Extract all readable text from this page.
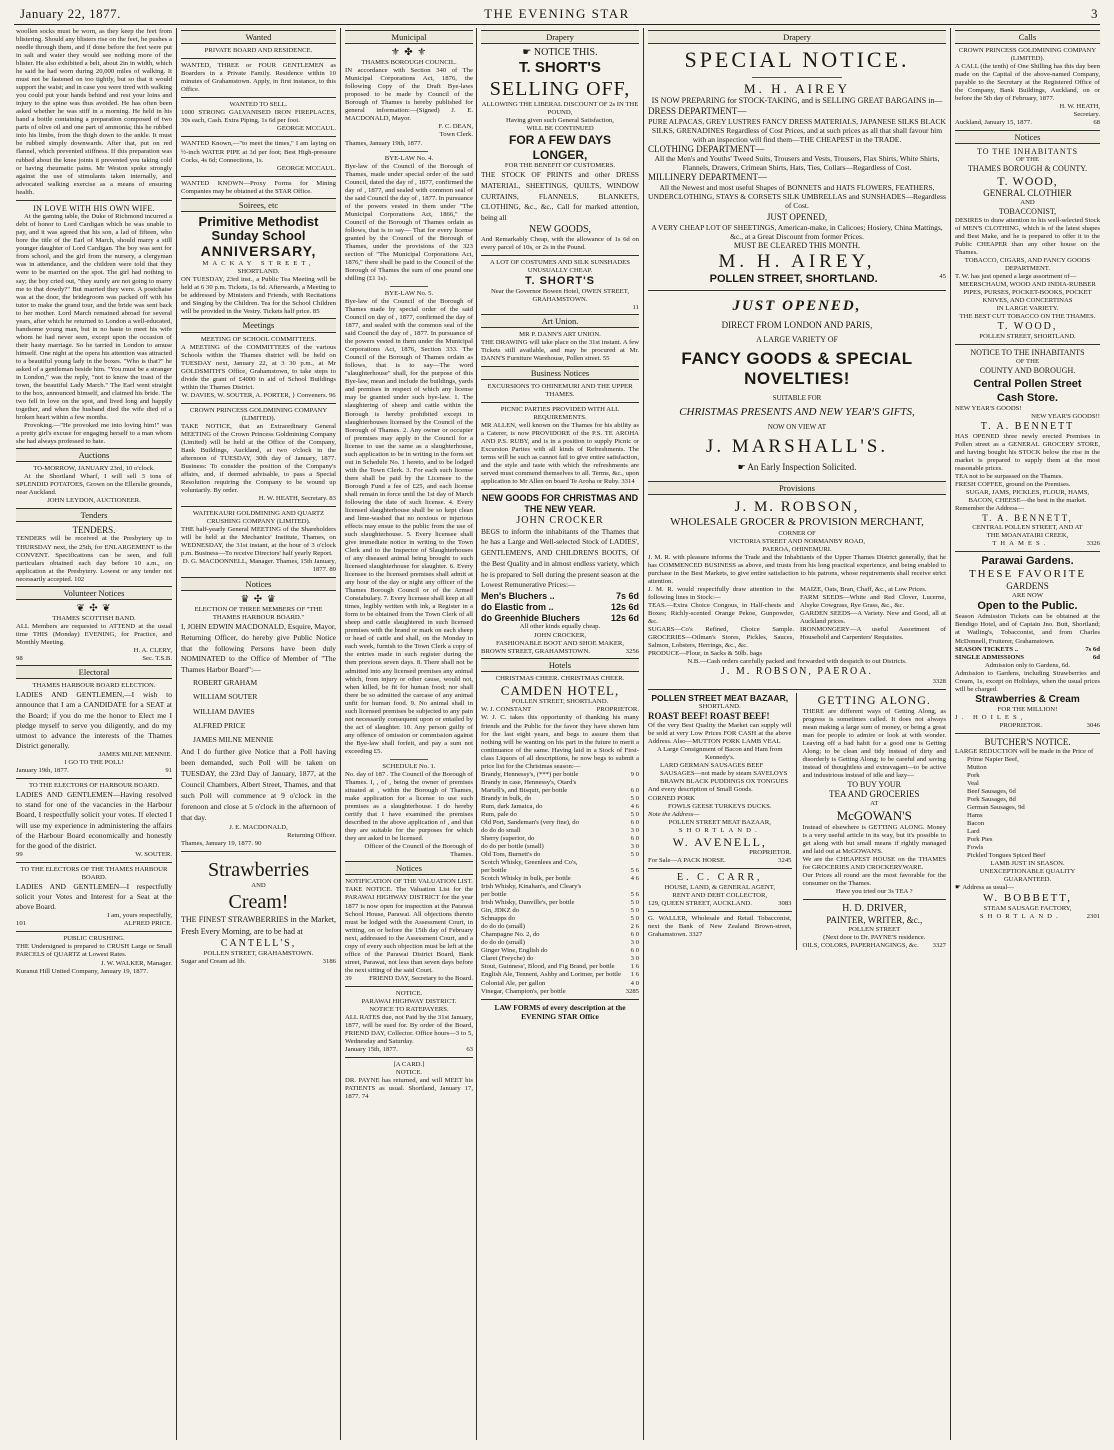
January 22, 1877.	THE EVENING STAR	3

woollen socks must be worn, as they keep the feet from blistering. Should any blisters rise on the feet, he pushes a needle through them, and if done before the feet were put in salt and water they would see nothing more of the blister. He also exhibited a belt, about 2in in width, which he said he had worn during 20,000 miles of walking. It must not be fastened on too tightly, but so that it would support the waist; and in case you were tired with walking you could put your hands behind and rest your loins and injury to the spine was thus avoided. He has often been asked whether he was stiff in a morning. He held in his hand a bottle containing a preparation composed of two parts of olive oil and one part of ammonia; this he rubbed into his limbs, from the thigh down to the ankle. It must be rubbed simply downwards. After that, put on red flannel, which prevented stiffness. If this preparation was rubbed about the knee joints it prevented you taking cold or having rheumatic pains. Mr Weston spoke strongly against the use of stimulants taken internally, and advocated walking exercise as a means of ensuring health.

IN LOVE WITH HIS OWN WIFE.

At the gaming table, the Duke of Richmond incurred a debt of honor to Lord Cardigan which he was unable to pay, and it was agreed that his son, a lad of fifteen, who bore the title of the Earl of March, should marry a still younger daughter of Lord Cardigan. The boy was sent for from school, and the girl from the nursery, a clergyman was in attendance, and the children were told that they were to be married on the spot. The girl had nothing to say; the boy cried out, "they surely are not going to marry me to that dowdy?" But married they were. A postchaise was at the door, the bridegroom was packed off with his tutor to make the grand tour, and the bride was sent back to her mother. Lord March remained abroad for several years, after which he returned to London a well-educated, handsome young man, but in no haste to meet his wife whom he had never seen, except upon the occasion of their hasty marriage. So he tarried in London to amuse himself. One night at the opera his attention was attracted to a beautiful young lady in the boxes. "Who is that?" he asked of a gentleman beside him. "You must be a stranger in London," was the reply, "not to know the toast of the town, the beautiful Lady March." The Earl went straight to the box, announced himself, and claimed his bride. The two fell in love on the spot, and lived long and happily together, and when the husband died the wife died of a broken heart within a few months.

Provoking.—"He provoked me into loving him!" was a pretty girl's excuse for engaging herself to a man whom she had always professed to hate.

Auctions
TO-MORROW, JANUARY 23rd, 10 o'clock.

At the Shortland Wharf, I will sell 3 tons of SPLENDID POTATOES, Grown on the Ellerslie grounds, near Auckland.

JOHN LEYDON, AUCTIONEER.
Tenders
TENDERS.

TENDERS will be received at the Presbytery up to THURSDAY next, the 25th, for ENLARGEMENT to the CONVENT. Specifications can be seen, and full particulars obtained each day before 10 a.m., on application at the Presbytery. Lowest or any tender not necessarily accepted. 102

Volunteer Notices
❦ ✣ ❦
THAMES SCOTTISH BAND.

ALL Members are requested to ATTEND at the usual time THIS (Monday) EVENING, for Practice, and Monthly Meeting.

H. A. CLERY,
98	Sec. T.S.B.
Electoral
THAMES HARBOUR BOARD ELECTION.

LADIES AND GENTLEMEN,—I wish to announce that I am a CANDIDATE for a SEAT at the Board; if you do me the honor to Elect me I pledge myself to serve you diligently, and do my utmost to advance the interests of the Thames District generally.

JAMES MILNE MENNIE.
I GO TO THE POLL!
January 19th, 1877.	91
TO THE ELECTORS OF HARBOUR BOARD.

LADIES AND GENTLEMEN—Having resolved to stand for one of the vacancies in the Harbour Board, I respectfully solicit your votes. If elected I will use my experience in administering the affairs of the Harbour Board economically and honestly for the good of the district.

99	W. SOUTER.
TO THE ELECTORS OF THE THAMES HARBOUR BOARD.

LADIES AND GENTLEMEN—I respectfully solicit your Votes and Interest for a Seat at the above Board.

I am, yours respectfully,
101	ALFRED PRICE.
PUBLIC CRUSHING.

THE Undersigned is prepared to CRUSH Large or Small PARCELS of QUARTZ at Lowest Rates.

J. W. WALKER, Manager.
Kuranui Hill United Company, January 19, 1877.
Wanted
PRIVATE BOARD AND RESIDENCE.

WANTED, THREE or FOUR GENTLEMEN as Boarders in a Private Family. Residence within 10 minutes of Grahamstown. Apply, in first instance, to this Office.

WANTED TO SELL.

1000 STRONG GALVANISED IRON FIREPLACES, 30s each, Cash. Extra Piping, 1s 6d per foot.

GEORGE MCCAUL.

WANTED Known,—"to meet the times," I am laying on ½-inch WATER PIPE at 3d per foot; Best High-pressure Cocks, 4s 6d; Connections, 1s.

GEORGE MCCAUL.

WANTED KNOWN—Proxy Forms for Mining Companies may be obtained at the STAR Office.

Soirees, etc
Primitive Methodist
Sunday School
ANNIVERSARY,
MACKAY STREET,
SHORTLAND.

ON TUESDAY, 23rd inst., a Public Tea Meeting will be held at 6 30 p.m. Tickets, 1s 6d. Afterwards, a Meeting to be addressed by Ministers and Friends, with Recitations and Singing by the Children. Tea for the School Children will be provided in the Vestry. Tickets half price. 85

Meetings
MEETING OF SCHOOL COMMITTEES.

A MEETING of the COMMITTEES of the various Schools within the Thames district will be held on TUESDAY next, January 22, at 3 30 p.m., at Mr GOLDSMITH'S Office, Grahamstown, to take steps to divide the grant of £4000 in aid of School Buildings within the Thames District.

W. DAVIES, W. SOUTER, A. PORTER, } Conveners. 96
CROWN PRINCESS GOLDMINING COMPANY (LIMITED).

TAKE NOTICE, that an Extraordinary General MEETING of the Crown Princess Goldmining Company (Limited) will be held at the Office of the Company, Bank Buildings, Auckland, at two o'clock in the afternoon of TUESDAY, 30th day of January, 1877. Business: To consider the position of the Company's affairs, and, if deemed advisable, to pass a Special Resolution requiring the Company to be wound up voluntarily. By order.

H. W. HEATH, Secretary. 83
WAITEKAURI GOLDMINING AND QUARTZ CRUSHING COMPANY (LIMITED).

THE half-yearly General MEETING of the Shareholders will be held at the Mechanics' Institute, Thames, on WEDNESDAY, the 31st instant, at the hour of 3 o'clock p.m. Business—To receive Directors' half yearly Report.

D. G. MACDONNELL, Manager. Thames, 15th January, 1877. 89
Notices
♛ ✣ ♛
ELECTION OF THREE MEMBERS OF "THE THAMES HARBOUR BOARD."

I, JOHN EDWIN MACDONALD, Esquire, Mayor, Returning Officer, do hereby give Public Notice that the following Persons have been duly NOMINATED to the Office of Member of "The Thames Harbor Board":—

ROBERT GRAHAM
WILLIAM SOUTER
WILLIAM DAVIES
ALFRED PRICE
JAMES MILNE MENNIE

And I do further give Notice that a Poll having been demanded, such Poll will be taken on TUESDAY, the 23rd Day of January, 1877, at the Council Chambers, Albert Street, Thames, and that such Poll will commence at 9 o'clock in the forenoon and close at 5 o'clock in the afternoon of that day.

J. E. MACDONALD,
Returning Officer.
Thames, January 19, 1877. 90
Strawberries
AND
Cream!

THE FINEST STRAWBERRIES in the Market, Fresh Every Morning, are to be had at

CANTELL'S,
POLLEN STREET, GRAHAMSTOWN.
Sugar and Cream ad lib.	3186
Municipal
⚜ ✤ ⚜
THAMES BOROUGH COUNCIL.

IN accordance with Section 340 of The Municipal Corporations Act, 1876, the following Copy of the Draft Bye-laws proposed to be made by Council of the Borough of Thames is hereby published for general information:—(Signed) J. E. MACDONALD, Mayor.

F. C. DEAN,
Town Clerk.
Thames, January 19th, 1877.
BYE-LAW No. 4.

Bye-law of the Council of the Borough of Thames, made under special order of the said Council, dated the day of , 1877, confirmed the day of , 1877, and sealed with common seal of the said Council the day of , 1877. In pursuance of the powers vested in them under "The Municipal Corporations Act, 1866," the Council of the Borough of Thames ordain as follows, that is to say— That for every license granted by the Council of the Borough of Thames, under the provisions of the 323 section of "The Municipal Corporations Act, 1876," there shall be paid to the Council of the Borough of Thames the sum of one pound one shilling (£1 1s).

BYE-LAW No. 5.

Bye-law of the Council of the Borough of Thames made by special order of the said Council on day of , 1877, confirmed the day of 1877, and sealed with the common seal of the said Council the day of , 1877. In pursuance of the powers vested in them under the Municipal Corporations Act, 1876, Section 333. The Council of the Borough of Thames ordain as follows, that is to say—The word "slaughterhouse" shall, for the purpose of this Bye-law, mean and include the buildings, yards and premises in respect of which any license may be granted under such bye-law. 1. The slaughtering of sheep and cattle within the Borough is hereby prohibited except in slaughterhouses licensed by the Council of the Borough of Thames. 2. Any owner or occupier of premises may apply to the Council for a license to use the same as a slaughterhouse, such application to be in writing in the form set out in Schedule No. 1 hereto, and to be lodged with the Town Clerk. 3. For each such license there shall be paid by the Licensee to the Borough Fund a fee of £25, and each license shall remain in force until the 1st day of March following the date of such license. 4. Every licensed slaughterhouse shall be so kept clean and lime-washed that no noxious or injurious effects may ensue to the public from the use of such slaughterhouse. 5. Every licensee shall give immediate notice in writing to the Town Clerk and to the Inspector of Slaughterhouses of any diseased animal being brought to such licensed slaughterhouse for slaughter. 6. Every licensee to the licensed premises shall admit at any hour of the day or night any officer of the Thames Borough Council or of the Armed Constabulary. 7. Every licensee shall keep at all times, legibly written with ink, a Register in a form to be obtained from the Town Clerk of all sheep and cattle slaughtered in such licensed premises with the brand or mark on each sheep or head of cattle and shall, on the Monday in each week, furnish to the Town Clerk a copy of the entries made in such register during the then previous seven days. 8. There shall not be admitted into any licensed premises any animal which, from injury or other cause, would not, when killed, be fit for human food; nor shall there be so admitted the carcase of any animal unfit for human food. 9. No animal shall in such licensed premises be subjected to any pain not necessarily consequent upon or entailed by the act of slaughter. 10. Any person guilty of any offence of omission or commission against the Bye-law shall forfeit, and pay a sum not exceeding £5.

SCHEDULE No. 1.

No. day of 187 . The Council of the Borough of Thames. I, , of , being the owner of premises situated at , within the Borough of Thames, make application for a license to use such premises as a slaughterhouse. I do hereby certify that I have examined the premises described in the above application of , and that they are suitable for the purposes for which they are asked to be licensed.

Officer of the Council of the Borough of Thames.
Notices
NOTIFICATION OF THE VALUATION LIST.

TAKE NOTICE. The Valuation List for the PARAWAI HIGHWAY DISTRICT for the year 1877 is now open for inspection at the Parawai School House, Parawai. All objections thereto must be lodged with the Assessment Court, in writing, on or before the 15th day of February next, addressed to the Assessment Court, and a copy of every such objection must be left at the office of the Parawai District Board, Bank street, Parawai, not less than seven days before the next sitting of the said Court.

39	FRIEND DAY, Secretary to the Board.
NOTICE.
PARAWAI HIGHWAY DISTRICT.
NOTICE TO RATEPAYERS.

ALL RATES due, not Paid by the 31st January, 1877, will be sued for. By order of the Board, FRIEND DAY, Collector. Office hours—3 to 5, Wednesday and Saturday.

January 15th, 1877.	63
[A CARD.]
NOTICE.

DR. PAYNE has returned, and will MEET his PATIENTS as usual. Shortland, January 17, 1877. 74

Drapery
☛ NOTICE THIS.
T. SHORT'S
SELLING OFF,
ALLOWING THE LIBERAL DISCOUNT OF 2s IN THE POUND,
Having given such General Satisfaction,
WILL BE CONTINUED
FOR A FEW DAYS
LONGER,
FOR THE BENEFIT OF CUSTOMERS.

THE STOCK OF PRINTS and other DRESS MATERIAL, SHEETINGS, QUILTS, WINDOW CURTAINS, FLANNELS, BLANKETS, CLOTHING, &c., &c., Call for marked attention, being all

NEW GOODS,

And Remarkably Cheap, with the allowance of 1s 6d on every parcel of 10s, or 2s in the Pound.

A LOT OF COSTUMES AND SILK SUNSHADES UNUSUALLY CHEAP.
T. SHORT'S
Near the Governor Bowen Hotel, OWEN STREET, GRAHAMSTOWN.
11
Art Union.
MR P. DANN'S ART UNION.

THE DRAWING will take place on the 31st instant. A few Tickets still available, and may be procured at Mr. DANN'S Furniture Warehouse, Pollen street. 55

Business Notices
EXCURSIONS TO OHINEMURI AND THE UPPER THAMES.
PICNIC PARTIES PROVIDED WITH ALL REQUIREMENTS.

MR ALLEN, well known on the Thames for his ability as a Caterer, is now PROVIDORE of the P.S. TE AROHA AND P.S. RUBY, and is in a position to supply Picnic or Excursion Parties with all kinds of Refreshments. The terms will be such as cannot fail to give entire satisfaction, and the style and taste with which the refreshments are served must commend themselves to all. Terms, &c., upon application to Mr Allen on board Te Aroha or Ruby. 3314

NEW GOODS FOR CHRISTMAS AND
THE NEW YEAR.
JOHN CROCKER

BEGS to inform the inhabitants of the Thames that he has a Large and Well-selected Stock of LADIES', GENTLEMEN'S, AND CHILDREN'S BOOTS, Of the Best Quality and in almost endless variety, which he is prepared to Sell during the present season at the Lowest Remunerative Prices:—

Men's Bluchers ..	7s 6d
do Elastic from ..	12s 6d
do Greenhide Bluchers	12s 6d
All other kinds equally cheap.
JOHN CROCKER,
FASHIONABLE BOOT AND SHOE MAKER,
BROWN STREET, GRAHAMSTOWN.	3256
Hotels
CHRISTMAS CHEER. CHRISTMAS CHEER.
CAMDEN HOTEL,
POLLEN STREET, SHORTLAND.
W. J. CONSTANT	PROPRIETOR.

W. J. C. takes this opportunity of thanking his many friends and the Public for the favor they have shown him for the last eight years, and begs to assure them that nothing will be wanting on his part in the future to merit a continuance of the same. Having laid in a Stock of First-class Liquors of all descriptions, he now begs to submit a price list for the Christmas season:—

Brandy, Hennessy's, (***) per bottle	9 0
Brandy in case, Hennessy's, Otard's
Martell's, and Bisquit, per bottle	6 0
Brandy in bulk, do	5 0
Rum, dark Jamaica, do	4 6
Rum, pale do	5 0
Old Port, Sandeman's (very fine), do	6 0
do do do small	3 0
Sherry (superior, do	6 0
do do per bottle (small)	3 0
Old Tom, Burnett's do	5 0
Scotch Whisky, Greenlees and Co's,
per bottle	5 6
Scotch Whisky in bulk, per bottle	4 6
Irish Whisky, Kinahan's, and Cleary's
per bottle	5 6
Irish Whisky, Dunville's, per bottle	5 0
Gin, JDKZ do	5 0
Schnapps do	5 0
do do do (small)	2 6
Champagne No. 2, do	6 0
do do do (small)	3 0
Ginger Wine, English do	6 0
Claret (Freyche) do	3 0
Stout, Guinness', Blood, and Fig Brand, per bottle 1 6
English Ale, Tennent, Ashby and Lorimer, per bottle 1 6
Colonial Ale, per gallon	4 0
Vinegar, Champion's, per bottle	3285
LAW FORMS of every description at the EVENING STAR Office
Drapery
SPECIAL NOTICE.
M. H. AIREY
IS NOW PREPARING for STOCK-TAKING, and is SELLING GREAT BARGAINS in—
DRESS DEPARTMENT—
PURE ALPACAS, GREY LUSTRES FANCY DRESS MATERIALS, JAPANESE SILKS BLACK SILKS, GRENADINES Regardless of Cost Prices, and at such prices as all that shall favour him with an inspection will find them—THE CHEAPEST in the TRADE.
CLOTHING DEPARTMENT—
All the Men's and Youths' Tweed Suits, Trousers and Vests, Trousers, Flax Shirts, White Shirts, Flannels, Drawers, Crimean Shirts, Hats, Ties, Collars—Regardless of Cost.
MILLINERY DEPARTMENT—
All the Newest and most useful Shapes of BONNETS and HATS FLOWERS, FEATHERS, UNDERCLOTHING, STAYS & CORSETS SILK UMBRELLAS and SUNSHADES—Regardless of Cost.
JUST OPENED,
A VERY CHEAP LOT OF SHEETINGS, American-make, in Calicoes; Hosiery, China Mattings, &c., at a Great Discount from former Prices.
MUST BE CLEARED THIS MONTH.
M. H. AIREY,
POLLEN STREET, SHORTLAND.	45
JUST OPENED,
DIRECT FROM LONDON AND PARIS,
A LARGE VARIETY OF
FANCY GOODS & SPECIAL NOVELTIES!
SUITABLE FOR
CHRISTMAS PRESENTS AND NEW YEAR'S GIFTS,
NOW ON VIEW AT
J. MARSHALL'S.
☛ An Early Inspection Solicited.
Provisions
J. M. ROBSON,
WHOLESALE GROCER & PROVISION MERCHANT,
CORNER OF
VICTORIA STREET AND NORMANBY ROAD,
PAEROA, OHINEMURI.

J. M. R. with pleasure informs the Trade and the Inhabitants of the Upper Thames District generally, that he has COMMENCED BUSINESS as above, and trusts from his long practical experience, and being enabled to purchase in the Best Markets, to give entire satisfaction to his patrons, whose requirements shall receive strict attention.

J. M. R. would respectfully draw attention to the following lines in Stock:—

TEAS.—Extra Choice Congous, in Half-chests and Boxes; Richly-scented Orange Pekoe, Gunpowder, &c.

SUGARS—Co's Refined, Choice Sample. GROCERIES—Oilman's Stores, Pickles, Sauces, Salmon, Lobsters, Herrings, &c., &c.

PRODUCE—Flour, in Sacks & 50lb. bags

MAIZE, Oats, Bran, Chaff, &c., at Low Prices.

FARM SEEDS—White and Red Clover, Lucerne, Alsyke Cowgrass, Rye Grass, &c., &c.

GARDEN SEEDS—A Variety. New and Good, all at Auckland prices.

IRONMONGERY—A useful Assortment of Household and Carpenters' Requisites.

N.B.—Cash orders carefully packed and forwarded with despatch to out Districts.
J. M. ROBSON, PAEROA.
3328
POLLEN STREET MEAT BAZAAR,
SHORTLAND.
ROAST BEEF! ROAST BEEF!

Of the very Best Quality the Market can supply will be sold at very Low Prices FOR CASH at the above Address. Also—MUTTON PORK LAMB VEAL

A Large Consignment of Bacon and Ham from Kennedy's.

LARD GERMAN SAUSAGES BEEF SAUSAGES—not made by steam SAVELOYS BRAWN BLACK PUDDINGS OX TONGUES
And every description of Small Goods.
CORNED PORK
FOWLS GEESE TURKEYS DUCKS.
Note the Address—
POLLEN STREET MEAT BAZAAR,
SHORTLAND.
W. AVENELL,
PROPRIETOR.
For Sale—A PACK HORSE.	3245
E. C. CARR,
HOUSE, LAND, & GENERAL AGENT,
RENT AND DEBT COLLECTOR,
129, QUEEN STREET, AUCKLAND.	3083

G. WALLER, Wholesale and Retail Tobacconist, next the Bank of New Zealand Brown-street, Grahamstown. 3327

GETTING ALONG.

THERE are different ways of Getting Along, as progress is sometimes called. It does not always mean making a large sum of money, or being a great man for people to admire or look at with wonder. Leaving off a bad habit for a good one is Getting Along; to be clean and tidy instead of dirty and disorderly is Getting Along; to be careful and saving instead of thoughtless and extravagant—to be active and industrious instead of idle and lazy—

TO BUY YOUR
TEA AND GROCERIES
AT
McGOWAN'S

Instead of elsewhere is GETTING ALONG. Money is a very useful article in its way, but it's possible to get along with but small means if rightly managed and laid out at McGOWAN'S.

We are the CHEAPEST HOUSE on the THAMES for GROCERIES AND CROCKERYWARE.

Our Prices all round are the most favorable for the consumer on the Thames.

Have you tried our 3s TEA ?
H. D. DRIVER,
PAINTER, WRITER, &c.,
POLLEN STREET
(Next door to Dr. PAYNE'S residence.
OILS, COLORS, PAPERHANGINGS, &c. 3327
Calls
CROWN PRINCESS GOLDMINING COMPANY (LIMITED).

A CALL (the tenth) of One Shilling has this day been made on the Capital of the above-named Company, payable to the Secretary at the Registered Office of the Company, Bank Buildings, Auckland, on or before the 5th day of February, 1877.

H. W. HEATH,
Secretary.
Auckland, January 15, 1877.	68
Notices
TO THE INHABITANTS
OF THE
THAMES BOROUGH & COUNTY.
T. WOOD,
GENERAL CLOTHIER
AND
TOBACCONIST,

DESIRES to draw attention to his well-selected Stock of MEN'S CLOTHING, which is of the latest shapes and Best Make, and he is prepared to offer it to the Public CHEAPER than any other house on the Thames.

TOBACCO, CIGARS, AND FANCY GOODS DEPARTMENT.

T. W. has just opened a large assortment of—

MEERSCHAUM, WOOD AND INDIA-RUBBER PIPES, PURSES, POCKET-BOOKS, POCKET KNIVES, AND CONCERTINAS
IN LARGE VARIETY.
THE BEST CUT TOBACCO ON THE THAMES.
T. WOOD,
POLLEN STREET, SHORTLAND.
NOTICE TO THE INHABITANTS
OF THE
COUNTY AND BOROUGH.
Central Pollen Street
Cash Store.
NEW YEAR'S GOODS!
NEW YEAR'S GOODS!!
T. A. BENNETT

HAS OPENED three newly erected Premises in Pollen street as a GENERAL GROCERY STORE, and having bought his STOCK below the rise in the market is prepared to supply them at the most reasonable prices.

TEA not to be surpassed on the Thames.
FRESH COFFEE, ground on the Premises.
SUGAR, JAMS, PICKLES, FLOUR, HAMS, BACON, CHEESE—the best in the market.
Remember the Address—
T. A. BENNETT,
CENTRAL POLLEN STREET, AND AT
THE MOANATAIRI CREEK,
THAMES.	3326
Parawai Gardens.
THESE FAVORITE
GARDENS
ARE NOW
Open to the Public.

Season Admission Tickets can be obtained at the Bendigo Hotel, and of Captain Jno. Butt, Shortland; at Watling's, Tobacconist, and from Charles McDonnell, Fruiterer, Grahamstown.

SEASON TICKETS ..	7s 6d
SINGLE ADMISSIONS	6d
Admission only to Gardens, 6d.

Admission to Gardens, including Strawberries and Cream, 1s, except on Holidays, when the usual prices will be charged.

Strawberries & Cream
FOR THE MILLION!
J. HOILES,
PROPRIETOR.	3046
BUTCHER'S NOTICE.

LARGE REDUCTION will be made in the Price of

Prime Napier Beef,
Mutton
Pork
Veal
Beef Sausages, 6d
Pork Sausages, 8d
German Sausages, 9d
Hams
Bacon
Lard
Pork Pies
Fowls
Pickled Tongues Spiced Beef
LAMB JUST IN SEASON.
UNEXCEPTIONABLE QUALITY
GUARANTEED.
☛ Address as usual—
W. BOBBETT,
STEAM SAUSAGE FACTORY,
SHORTLAND.	2301
